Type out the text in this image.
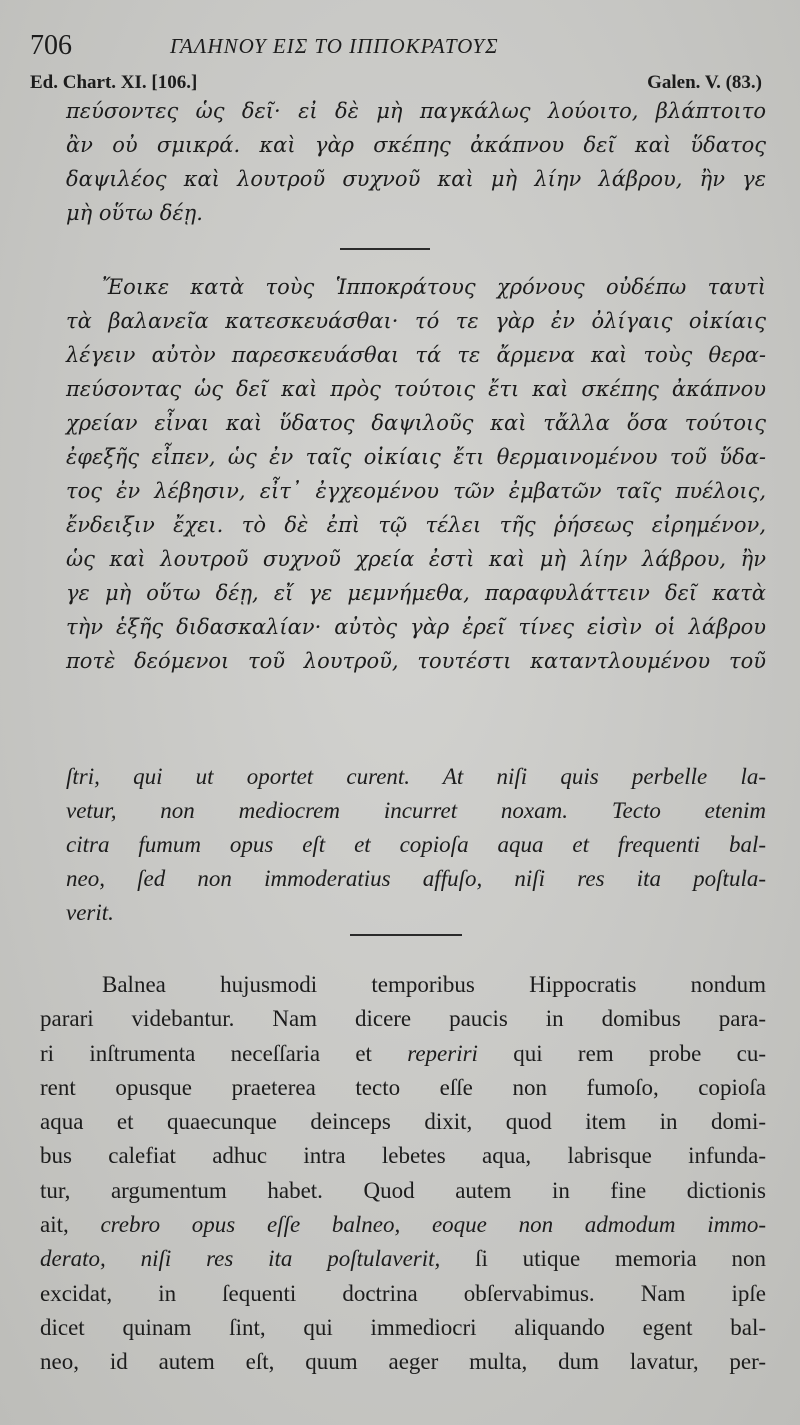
706	ΓΑΛΗΝΟΥ ΕΙΣ ΤΟ ΙΠΠΟΚΡΑΤΟΥΣ
Ed. Chart. XI. [106.]	Galen. V. (83.)
πεύσοντες ὡς δεῖ· εἰ δὲ μὴ παγκάλως λούοιτο, βλάπτοιτο
ἂν οὐ σμικρά. καὶ γὰρ σκέπης ἀκάπνου δεῖ καὶ ὕδατος
δαψιλέος καὶ λουτροῦ συχνοῦ καὶ μὴ λίην λάβρου, ἢν γε
μὴ οὕτω δέῃ.
Ἔοικε κατὰ τοὺς Ἱπποκράτους χρόνους οὐδέπω ταυτὶ
τὰ βαλανεῖα κατεσκευάσθαι· τό τε γὰρ ἐν ὀλίγαις οἰκίαις
λέγειν αὐτὸν παρεσκευάσθαι τά τε ἄρμενα καὶ τοὺς θερα-
πεύσοντας ὡς δεῖ καὶ πρὸς τούτοις ἔτι καὶ σκέπης ἀκάπνου
χρείαν εἶναι καὶ ὕδατος δαψιλοῦς καὶ τἄλλα ὅσα τούτοις
ἐφεξῆς εἶπεν, ὡς ἐν ταῖς οἰκίαις ἔτι θερμαινομένου τοῦ ὕδα-
τος ἐν λέβησιν, εἶτ᾿ ἐγχεομένου τῶν ἐμβατῶν ταῖς πυέλοις,
ἔνδειξιν ἔχει. τὸ δὲ ἐπὶ τῷ τέλει τῆς ῥήσεως εἰρημένον,
ὡς καὶ λουτροῦ συχνοῦ χρεία ἐστὶ καὶ μὴ λίην λάβρου, ἢν
γε μὴ οὕτω δέῃ, εἴ γε μεμνήμεθα, παραφυλάττειν δεῖ κατὰ
τὴν ἑξῆς διδασκαλίαν· αὐτὸς γὰρ ἐρεῖ τίνες εἰσὶν οἱ λάβρου
ποτὲ δεόμενοι τοῦ λουτροῦ, τουτέστι καταντλουμένου τοῦ
ſtri, qui ut oportet curent. At niſi quis perbelle la-
vetur, non mediocrem incurret noxam. Tecto etenim
citra fumum opus eſt et copioſa aqua et frequenti bal-
neo, ſed non immoderatius affuſo, niſi res ita poſtula-
verit.
Balnea hujusmodi temporibus Hippocratis nondum
parari videbantur. Nam dicere paucis in domibus para-
ri inſtrumenta neceſſaria et reperiri qui rem probe cu-
rent opusque praeterea tecto eſſe non fumoſo, copioſa
aqua et quaecunque deinceps dixit, quod item in domi-
bus calefiat adhuc intra lebetes aqua, labrisque infunda-
tur, argumentum habet. Quod autem in fine dictionis
ait, crebro opus eſſe balneo, eoque non admodum immo-
derato, niſi res ita poſtulaverit, ſi utique memoria non
excidat, in ſequenti doctrina obſervabimus. Nam ipſe
dicet quinam ſint, qui immediocri aliquando egent bal-
neo, id autem eſt, quum aeger multa, dum lavatur, per-
